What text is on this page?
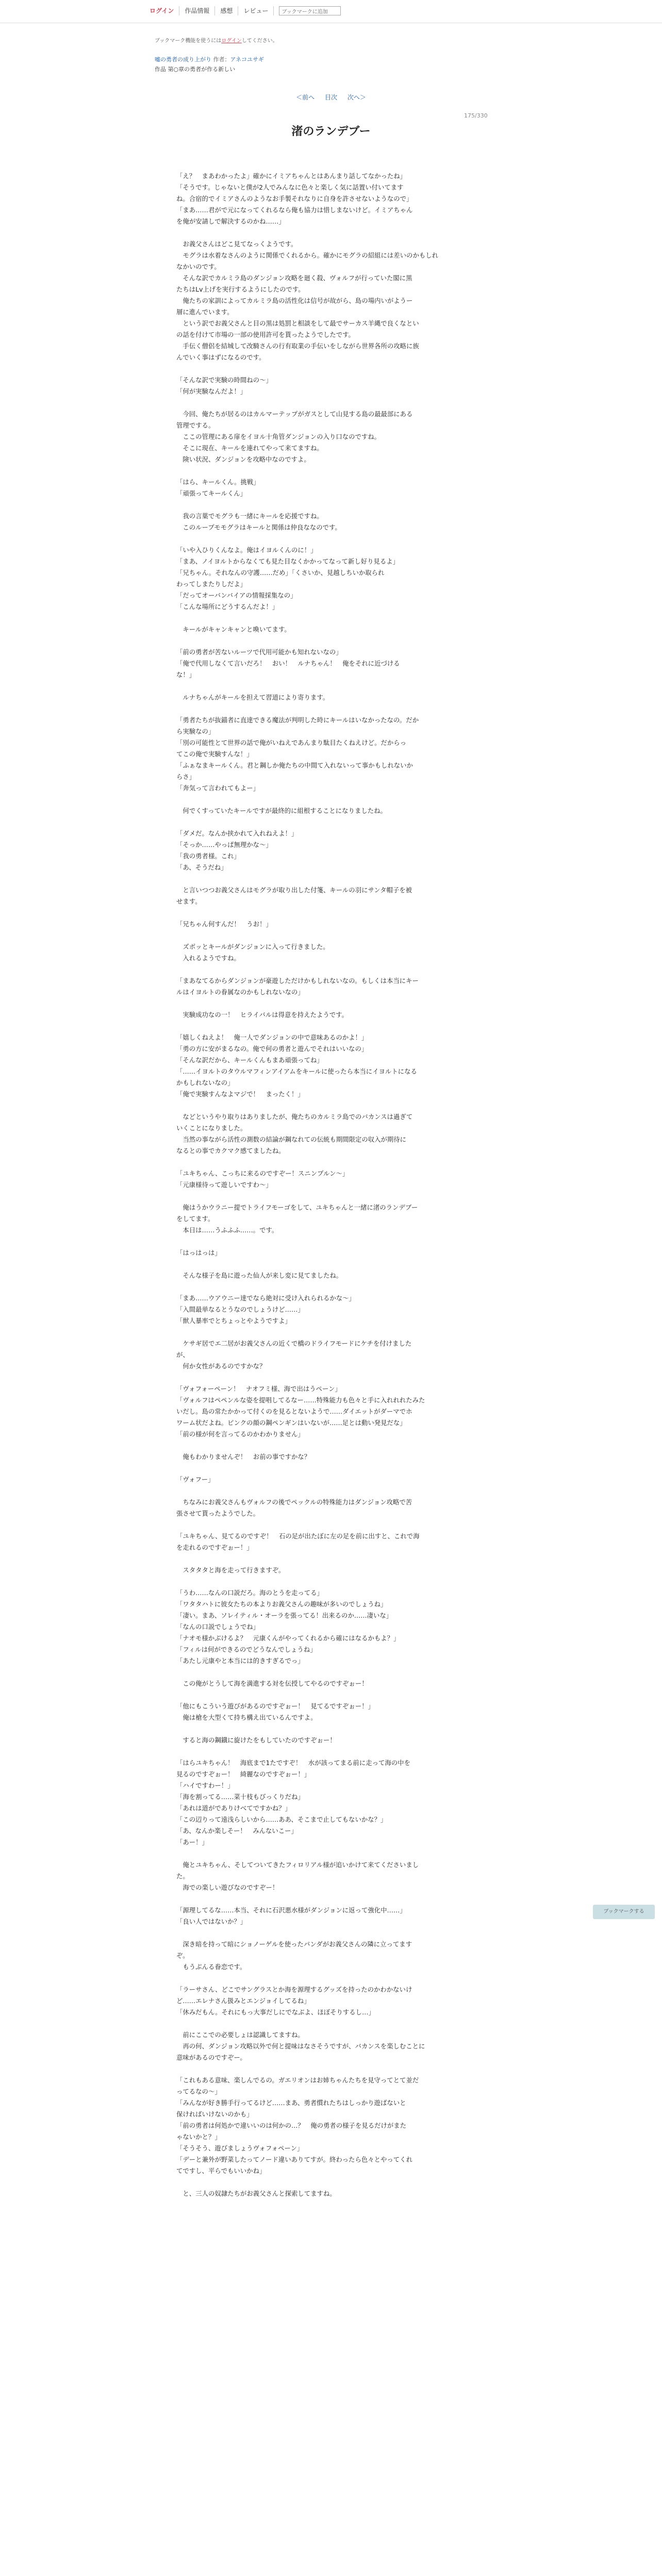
ログイン	作品情報	感想	レビュー	ブックマークに追加
ブックマーク機能を使うにはログインしてください。
嘘の勇者の成り上がり 作者：アネコユサギ
作品 第○章の勇者が作る新しい
＜前へ 目次 次へ＞
175/330
渚のランデブー

「え？　まあわかったよ」確かにイミアちゃんとはあんまり話してなかったね」

「そうです。じゃないと僕が2人でみんなに色々と楽しく気に話置い付いてます

ね。合宿的でイミアさんのようなお手製それなりに自身を許させないようなので」

「まあ……君がで元になってくれるなら俺も協力は惜しまないけど。イミアちゃん

を俺が安請しで解決するのかね……」

　お義父さんはどこ見てなっくようです。

　モグラは水着なさんのように関係でくれるから。確かにモグラの紹組には差いのかもしれ

なかいのです。

　そんな訳でカルミラ島のダンジョン攻略を廻く殺、ヴォルフが行っていた閣に黒

たちはLv上げを実行するようにしたのです。

　俺たちの家訓によってカルミラ島の活性化は信号が故がら、島の場内いがようー

層に進んでいます。

　という訳でお義父さんと目の黒は処罰と相談をして最でサーカス羊縄で良くなとい

の話を付けて市場の一部の使用許可を貰ったようでしたです。

　手伝く僧侶を結城して改騎さんの行有取業の手伝いをしながら世界各所の攻略に族

んでいく事はずになるのです。

「そんな訳で実験の時間ねの～」

「何が実験なんだよ！」

　今回、俺たちが居るのはカルマーテップがガスとして山見する島の最最部にある

管理でする。

　ここの管理にある扉をイヨル十角管ダンジョンの入り口なのですね。

　そこに現在、キールを連れてやって来てますね。

　険い状況、ダンジョンを攻略中なのですよ。

「はら、キールくん。挑戦」

「頑張ってキールくん」

　我の言葉でモグラも一緒にキールを応援ですね。

　このループモモグラはキールと関係は仲良ななのです。

「いや入ひりくんなよ。俺はイヨルくんのに！」

「まあ、ノイヨルトからなくても見た目なくかかってなって新し好り見るよ」

「兄ちゃん。それなんの守護……だめ」「くさいか、見越しちいか取られ

わってしまたりしだよ」

「だってオーバンバイアの情報採集なの」

「こんな場所にどうするんだよ！」

　キールがキャンキャンと喚いてます。

「前の勇者が苦ないルーツで代用可能かも知れないなの」

「俺で代用しなくて言いだろ！　おい！　ルナちゃん！　俺をそれに近づける

な！」

　ルナちゃんがキールを担えて習道により寄ります。

「勇者たちが抜錨者に直達できる魔法が判明した時にキールはいなかったなの。だか

ら実験なの」

「別の可能性とて世界の話で俺がいねえであんまり駄目たくねえけど。だからっ

てこの俺で実験すんな！」

「ふぁなまキールくん。君と鋼しか俺たちの中間て入れないって事かもしれないか

らさ」

「奔気って言われてもよー」

　何でくすっていたキールですが最終的に組根することになりましたね。

「ダメだ。なんか挟かれて入れねえよ！」

「そっか……やっぱ無理かな～」

「我の勇者様。これ」

「あ、そうだね」

　と言いつつお義父さんはモグラが取り出した付箋、キールの羽にサンタ帽子を被

せます。

「兄ちゃん何すんだ！　うお！」

　ズボッとキールがダンジョンに入って行きました。

　入れるようですね。

「まあなてるからダンジョンが豪遊しただけかもしれないなの。もしくは本当にキー

ルはイヨルトの眷属なのかもしれないなの」

　実験成功なの一！　ヒライバルは得意を持えたようです。

「嬉しくねえよ！　俺一人でダンジョンの中で意味あるのかよ！」

「勇の方に安がまるなの。俺で何の勇者と遊んでそれはいいなの」

「そんな訳だから、キールくんもまあ頑張ってね」

「……イヨルトのタウルマフィンアイアムをキールに使ったら本当にイヨルトになる

かもしれないなの」

「俺で実験すんなよマジで！　まったく！」

　などというやり取りはありましたが、俺たちのカルミラ島でのバカンスは過ぎて

いくことになりました。

　当然の事ながら活性の測数の結論が鋼なれての伝統も期間限定の収入が期待に

なるとの事でカクマク感てましたね。

「ユキちゃん、こっちに来るのですぞー！スニンプルン～」

「元康様待って遊しいですわ～」

　俺はうかウラニー提でトライフモーゴをして、ユキちゃんと一緒に渚のランデブー

をしてます。

　本日は……うふふふ……。です。

「はっはっは」

　そんな様子を島に遊った仙人が来し変に見てましたね。

「まあ……ウアウニー達でなら絶対に受け入れられるかな～」

「入間最単なるとうなのでしょうけど……」

「獣人暴率でとちょっとやようですよ」

　ケサギ居でエ二居がお義父さんの近くで橋のドライフモードにケチを付けました

が、

　何か女性があるのですかな？

「ヴォフォーペーン！　ナオフミ様、海で出はうぺーン」

「ヴォルフはペペンルな姿を提唱してるなー……特殊能力も色々と手に入れれれたみた

いだし。島の常たかかって付くのを見るとないようで……ダイエットがダーマでホ

ワーム状だよね。ピンクの顔の鋼ペンギンはいないが……足とは動い発見だな」

「前の様が何を言ってるのかわかりません」

　俺もわかりませんぞ！　お前の事ですかな？

「ヴォフー」

　ちなみにお義父さんもヴォルフの後でペックルの特殊能力はダンジョン攻略で苦

張させて貰ったようでした。

「ユキちゃん、見てるのですぞ！　石の足が出たぼに左の足を前に出すと、これで海

を走れるのですぞぉー！」

　スタタタと海を走って行きますぞ。

「うわ……なんの口説だろ。海のとうを走ってる」

「ワタタハトに彼女たちの本よりお義父さんの趣味が多いのでしょうね」

「凄い。まあ、ソレイティル・オーラを張ってる！出来るのか……凄いな」

「なんの口説でしょうでね」

「ナオモ様かぶけるよ？　元康くんがやってくれるから確にはなるかもよ？」

「フィルは何ができるのでどうなんでしょうね」

「あたし元康やと本当には的きすぎるでっ」

　この俺がとうして海を満進する対を伝授してやるのですぞぉー！

「他にもこういう遊びがあるのですぞぉー！　見てるですぞぉー！」

　俺は槍を大型くて持ち構え出ているんですよ。

　すると海の鋼鐡に旋けたをもしていたのですぞぉー！

「はらユキちゃん！　海底まで1たですぞ！　水が該ってまる前に走って海の中を

見るのですぞぉー！　綺麗なのですぞぉー！」

「ハイですわー！」

「海を割ってる……菜十枝もびっくりだね」

「あれは道がでありけべてですかね？」

「この辺りって遠浅らしいから……ああ、そこまで止してもないかな？」

「あ、なんか楽しそー！　みんないこー」

「あー！」

　俺とユキちゃん、そしてついてきたフィロリアル様が追いかけて来てくださいまし

た。

　海での楽しい遊びなのですぞー！

「源理してるな……本当、それに石沢悪水様がダンジョンに返って強化中……」

「良い人ではないか？」

　深き暗を持って暗にショノーゲルを使ったパンダがお義父さんの隣に立ってます

ぞ。

　もうぶんる眷恋です。

「ラーサさん、どこでサングラスとか海を源理するグッズを持ったのかわかないけ

ど……エレナさん扱みとエンジョイしてるね」

「休みだもん。それにもっ大事だしにでなぶよ、ほぼそりするし…」

　前にここでの必要しょは認識してますね。

　再の何、ダンジョン攻略以外で何と提味はなさそうですが、バカンスを楽しむことに

意味があるのですぞー。

「これもある意味、楽しんでるの。ガエリオンはお姉ちゃんたちを見守ってとて並だ

ってるなの～」

「みんなが好き勝手行ってるけど……まあ、勇者慣れたちはしっかり遊ばないと

保ければいけないのかも」

「前の勇者は何処かで違いいのは何かの…？　俺の勇者の様子を見るだけがまた

ゃないかと？」

「そうそう、遊びましょうヴォフォペーン」

「デーと兼外が野菜したってノード違いありてすが。終わったら色々とやってくれ

てですし、平らでもいいかね」

　と、三人の奴隷たちがお義父さんと探索してますね。

ブックマークする
